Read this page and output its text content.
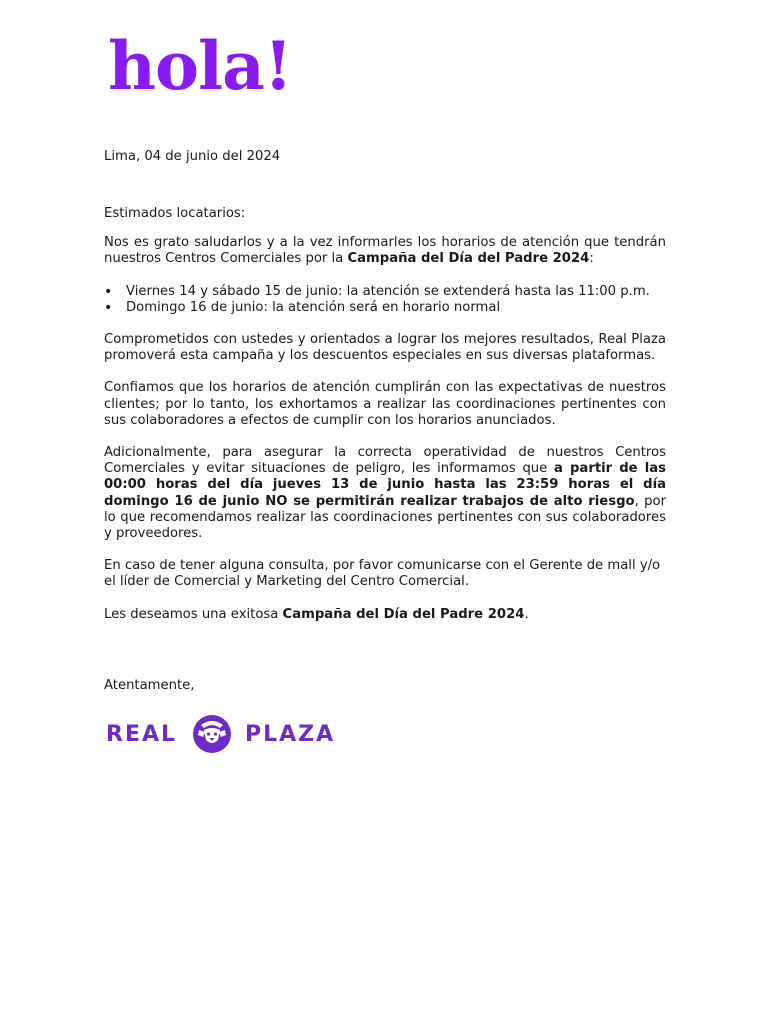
hola!
Lima, 04 de junio del 2024

Estimados locatarios:

Nos es grato saludarlos y a la vez informarles los horarios de atención que tendrán nuestros Centros Comerciales por la Campaña del Día del Padre 2024:

• Viernes 14 y sábado 15 de junio: la atención se extenderá hasta las 11:00 p.m.
• Domingo 16 de junio: la atención será en horario normal

Comprometidos con ustedes y orientados a lograr los mejores resultados, Real Plaza promoverá esta campaña y los descuentos especiales en sus diversas plataformas.

Confiamos que los horarios de atención cumplirán con las expectativas de nuestros clientes; por lo tanto, los exhortamos a realizar las coordinaciones pertinentes con sus colaboradores a efectos de cumplir con los horarios anunciados.

Adicionalmente, para asegurar la correcta operatividad de nuestros Centros Comerciales y evitar situaciones de peligro, les informamos que a partir de las 00:00 horas del día jueves 13 de junio hasta las 23:59 horas el día domingo 16 de junio NO se permitirán realizar trabajos de alto riesgo, por lo que recomendamos realizar las coordinaciones pertinentes con sus colaboradores y proveedores.

En caso de tener alguna consulta, por favor comunicarse con el Gerente de mall y/o el líder de Comercial y Marketing del Centro Comercial.

Les deseamos una exitosa Campaña del Día del Padre 2024.

Atentamente,
REAL	PLAZA
